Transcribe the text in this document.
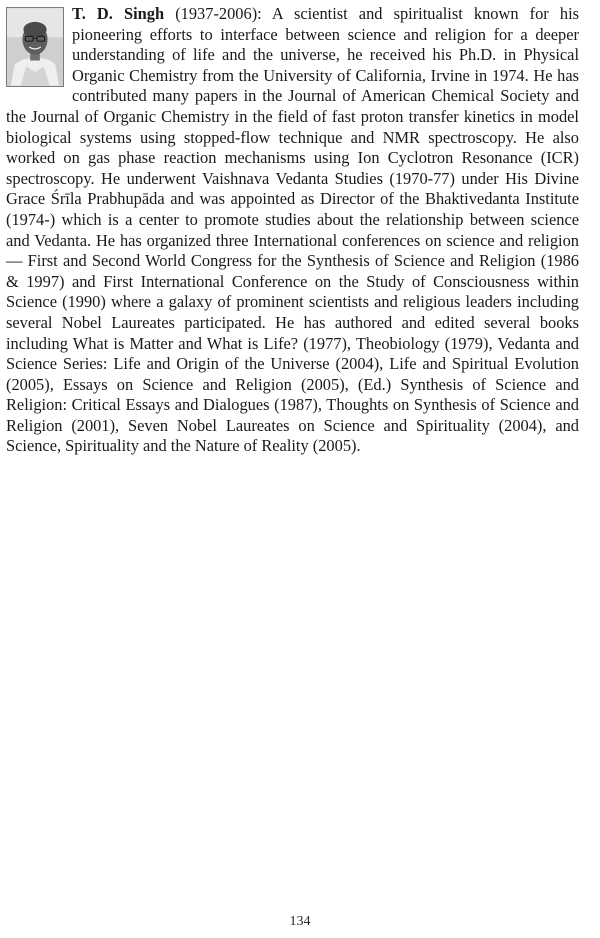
T. D. Singh (1937-2006): A scientist and spiritualist known for his pioneering efforts to interface between science and religion for a deeper understanding of life and the universe, he received his Ph.D. in Physical Organic Chemistry from the University of California, Irvine in 1974. He has contributed many papers in the Journal of American Chemical Society and the Journal of Organic Chemistry in the field of fast proton transfer kinetics in model biological systems using stopped-flow technique and NMR spectroscopy. He also worked on gas phase reaction mechanisms using Ion Cyclotron Resonance (ICR) spectroscopy. He underwent Vaishnava Vedanta Studies (1970-77) under His Divine Grace Śrīla Prabhupāda and was appointed as Director of the Bhaktivedanta Institute (1974-) which is a center to promote studies about the relationship between science and Vedanta. He has organized three International conferences on science and religion — First and Second World Congress for the Synthesis of Science and Religion (1986 & 1997) and First International Conference on the Study of Consciousness within Science (1990) where a galaxy of prominent scientists and religious leaders including several Nobel Laureates participated. He has authored and edited several books including What is Matter and What is Life? (1977), Theobiology (1979), Vedanta and Science Series: Life and Origin of the Universe (2004), Life and Spiritual Evolution (2005), Essays on Science and Religion (2005), (Ed.) Synthesis of Science and Religion: Critical Essays and Dialogues (1987), Thoughts on Synthesis of Science and Religion (2001), Seven Nobel Laureates on Science and Spirituality (2004), and Science, Spirituality and the Nature of Reality (2005).

134
